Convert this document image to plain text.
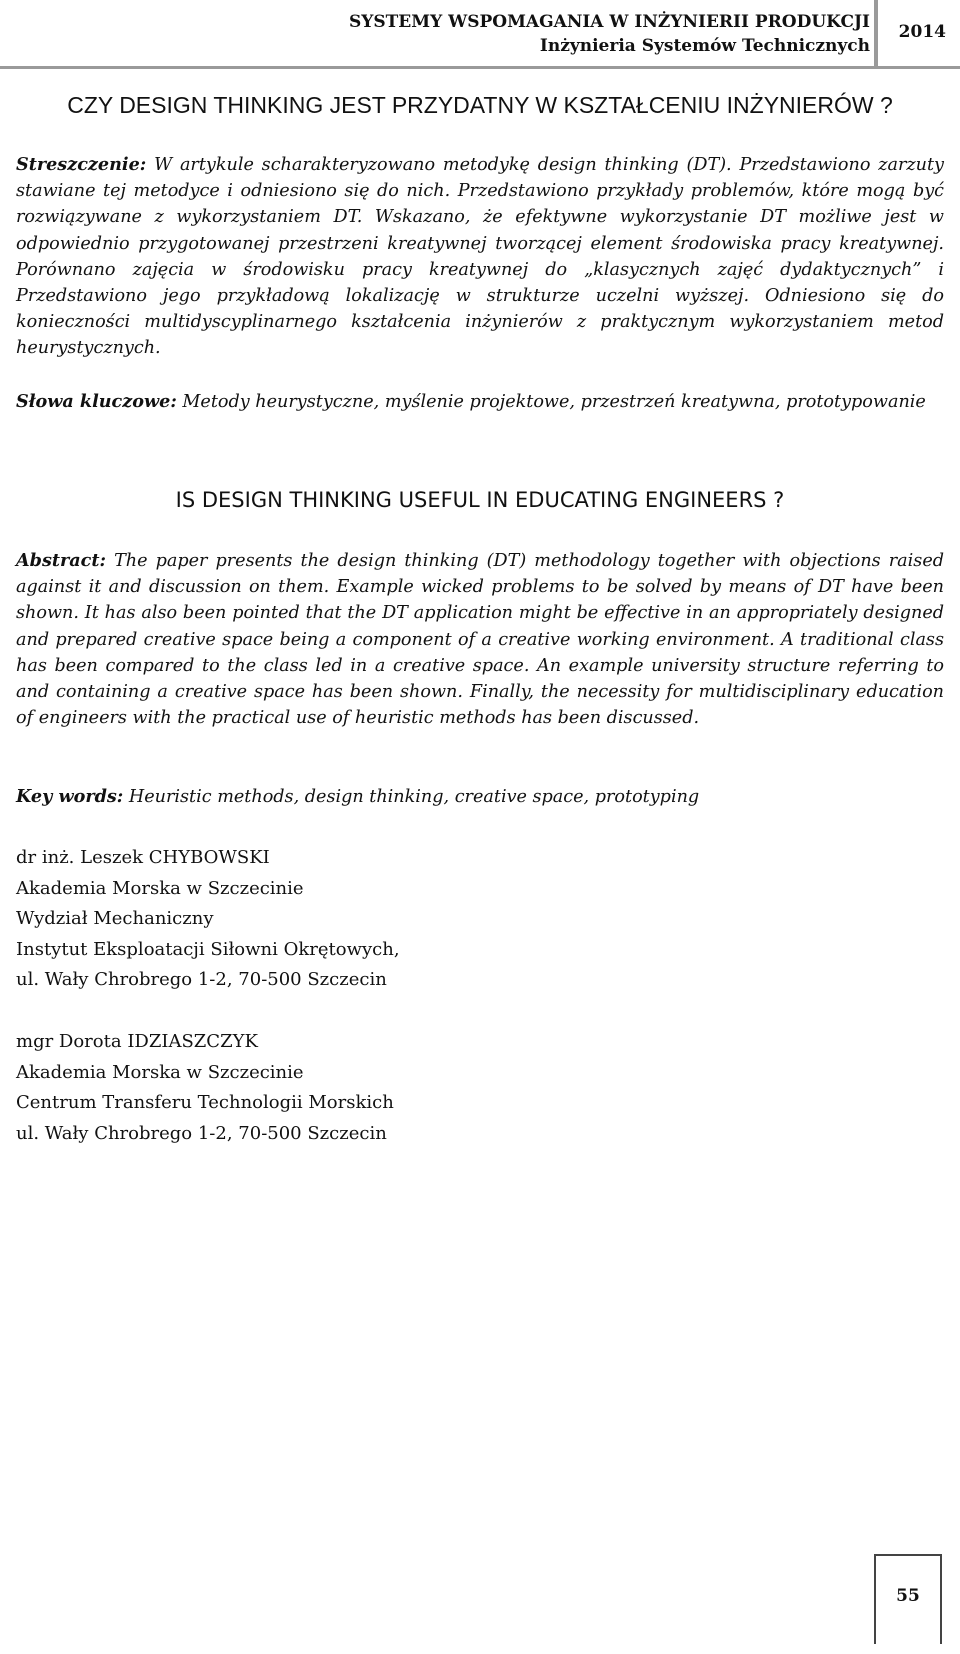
SYSTEMY WSPOMAGANIA W INŻYNIERII PRODUKCJI
Inżynieria Systemów Technicznych
2014
CZY DESIGN THINKING JEST PRZYDATNY W KSZTAŁCENIU INŻYNIERÓW ?
Streszczenie: W artykule scharakteryzowano metodykę design thinking (DT). Przedstawiono zarzuty stawiane tej metodyce i odniesiono się do nich. Przedstawiono przykłady problemów, które mogą być rozwiązywane z wykorzystaniem DT. Wskazano, że efektywne wykorzystanie DT możliwe jest w odpowiednio przygotowanej przestrzeni kreatywnej tworzącej element środowiska pracy kreatywnej. Porównano zajęcia w środowisku pracy kreatywnej do „klasycznych zajęć dydaktycznych” i Przedstawiono jego przykładową lokalizację w strukturze uczelni wyższej. Odniesiono się do konieczności multidyscyplinarnego kształcenia inżynierów z praktycznym wykorzystaniem metod heurystycznych.
Słowa kluczowe: Metody heurystyczne, myślenie projektowe, przestrzeń kreatywna, prototypowanie
IS DESIGN THINKING USEFUL IN EDUCATING ENGINEERS ?
Abstract: The paper presents the design thinking (DT) methodology together with objections raised against it and discussion on them. Example wicked problems to be solved by means of DT have been shown. It has also been pointed that the DT application might be effective in an appropriately designed and prepared creative space being a component of a creative working environment. A traditional class has been compared to the class led in a creative space. An example university structure referring to and containing a creative space has been shown. Finally, the necessity for multidisciplinary education of engineers with the practical use of heuristic methods has been discussed.
Key words: Heuristic methods, design thinking, creative space, prototyping
dr inż. Leszek CHYBOWSKI
Akademia Morska w Szczecinie
Wydział Mechaniczny
Instytut Eksploatacji Siłowni Okrętowych,
ul. Wały Chrobrego 1-2, 70-500 Szczecin
mgr Dorota IDZIASZCZYK
Akademia Morska w Szczecinie
Centrum Transferu Technologii Morskich
ul. Wały Chrobrego 1-2, 70-500 Szczecin
55
